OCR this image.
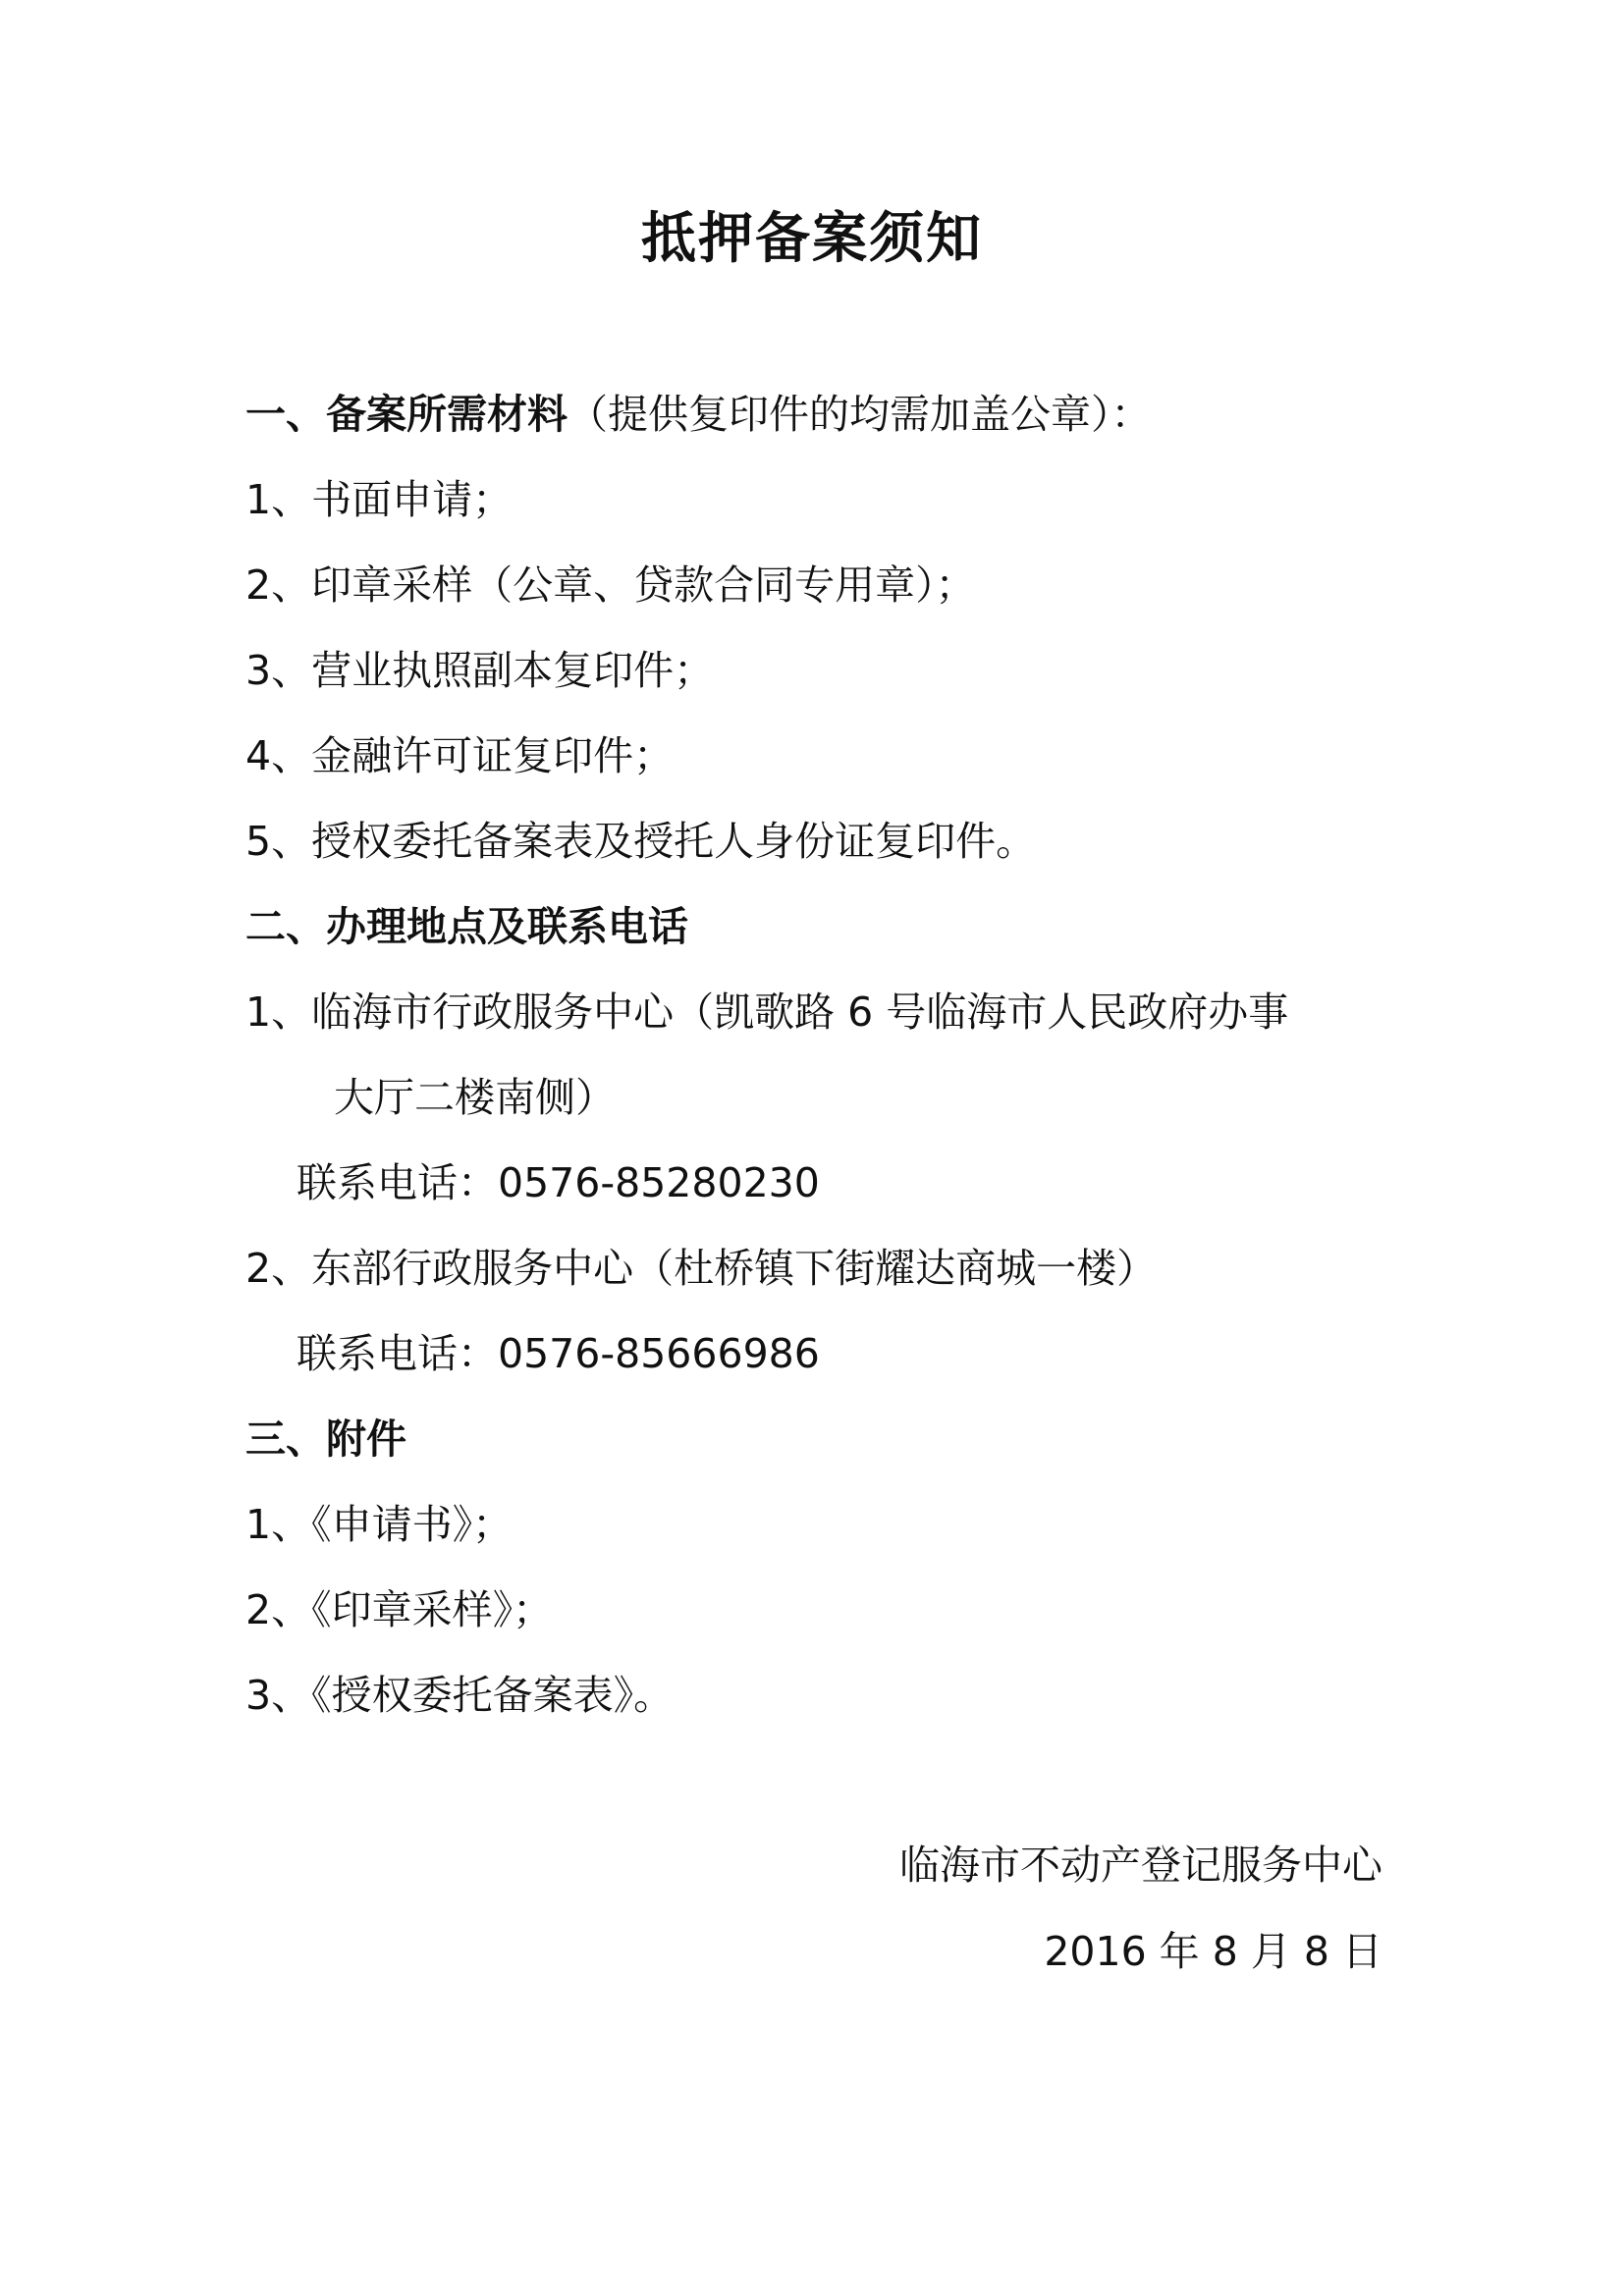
抵押备案须知
一、备案所需材料（提供复印件的均需加盖公章）：
1、书面申请；
2、印章采样（公章、贷款合同专用章）；
3、营业执照副本复印件；
4、金融许可证复印件；
5、授权委托备案表及授托人身份证复印件。
二、办理地点及联系电话
1、临海市行政服务中心（凯歌路 6 号临海市人民政府办事
大厅二楼南侧）
联系电话：0576-85280230
2、东部行政服务中心（杜桥镇下街耀达商城一楼）
联系电话：0576-85666986
三、附件
1、《申请书》；
2、《印章采样》；
3、《授权委托备案表》。
临海市不动产登记服务中心
2016 年 8 月 8 日
